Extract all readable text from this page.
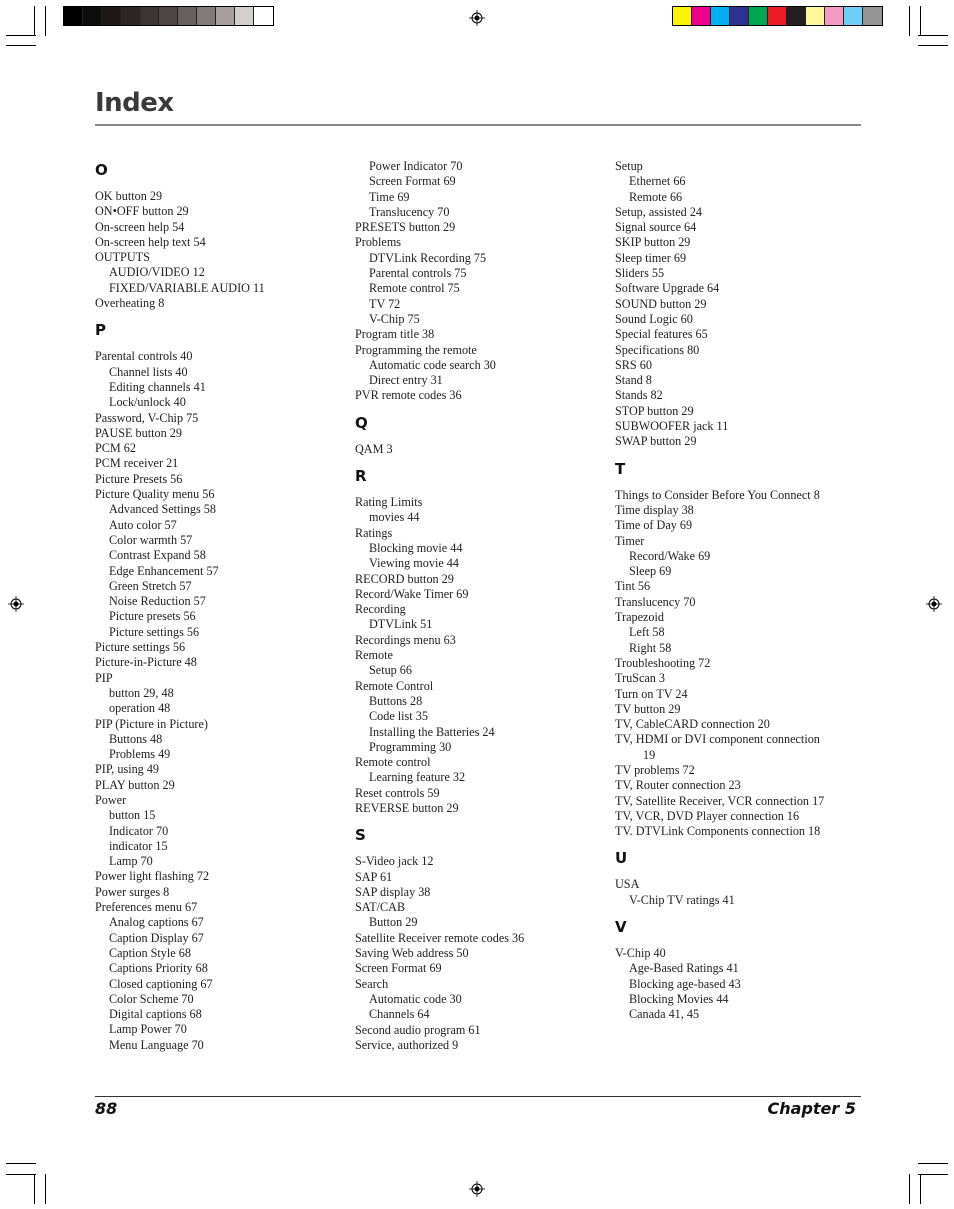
Index
O
OK button 29
ON•OFF button 29
On-screen help 54
On-screen help text 54
OUTPUTS
AUDIO/VIDEO 12
FIXED/VARIABLE AUDIO 11
Overheating 8
P
Parental controls 40
Channel lists 40
Editing channels 41
Lock/unlock 40
Password, V-Chip 75
PAUSE button 29
PCM 62
PCM receiver 21
Picture Presets 56
Picture Quality menu 56
Advanced Settings 58
Auto color 57
Color warmth 57
Contrast Expand 58
Edge Enhancement 57
Green Stretch 57
Noise Reduction 57
Picture presets 56
Picture settings 56
Picture settings 56
Picture-in-Picture 48
PIP
button 29, 48
operation 48
PIP (Picture in Picture)
Buttons 48
Problems 49
PIP, using 49
PLAY button 29
Power
button 15
Indicator 70
indicator 15
Lamp 70
Power light flashing 72
Power surges 8
Preferences menu 67
Analog captions 67
Caption Display 67
Caption Style 68
Captions Priority 68
Closed captioning 67
Color Scheme 70
Digital captions 68
Lamp Power 70
Menu Language 70
Power Indicator 70
Screen Format 69
Time 69
Translucency 70
PRESETS button 29
Problems
DTVLink Recording 75
Parental controls 75
Remote control 75
TV 72
V-Chip 75
Program title 38
Programming the remote
Automatic code search 30
Direct entry 31
PVR remote codes 36
Q
QAM 3
R
Rating Limits
movies 44
Ratings
Blocking movie 44
Viewing movie 44
RECORD button 29
Record/Wake Timer 69
Recording
DTVLink 51
Recordings menu 63
Remote
Setup 66
Remote Control
Buttons 28
Code list 35
Installing the Batteries 24
Programming 30
Remote control
Learning feature 32
Reset controls 59
REVERSE button 29
S
S-Video jack 12
SAP 61
SAP display 38
SAT/CAB
Button 29
Satellite Receiver remote codes 36
Saving Web address 50
Screen Format 69
Search
Automatic code 30
Channels 64
Second audio program 61
Service, authorized 9
Setup
Ethernet 66
Remote 66
Setup, assisted 24
Signal source 64
SKIP button 29
Sleep timer 69
Sliders 55
Software Upgrade 64
SOUND button 29
Sound Logic 60
Special features 65
Specifications 80
SRS 60
Stand 8
Stands 82
STOP button 29
SUBWOOFER jack 11
SWAP button 29
T
Things to Consider Before You Connect 8
Time display 38
Time of Day 69
Timer
Record/Wake 69
Sleep 69
Tint 56
Translucency 70
Trapezoid
Left 58
Right 58
Troubleshooting 72
TruScan 3
Turn on TV 24
TV button 29
TV, CableCARD connection 20
TV, HDMI or DVI component connection
19
TV problems 72
TV, Router connection 23
TV, Satellite Receiver, VCR connection 17
TV, VCR, DVD Player connection 16
TV. DTVLink Components connection 18
U
USA
V-Chip TV ratings 41
V
V-Chip 40
Age-Based Ratings 41
Blocking age-based 43
Blocking Movies 44
Canada 41, 45
88	Chapter 5
